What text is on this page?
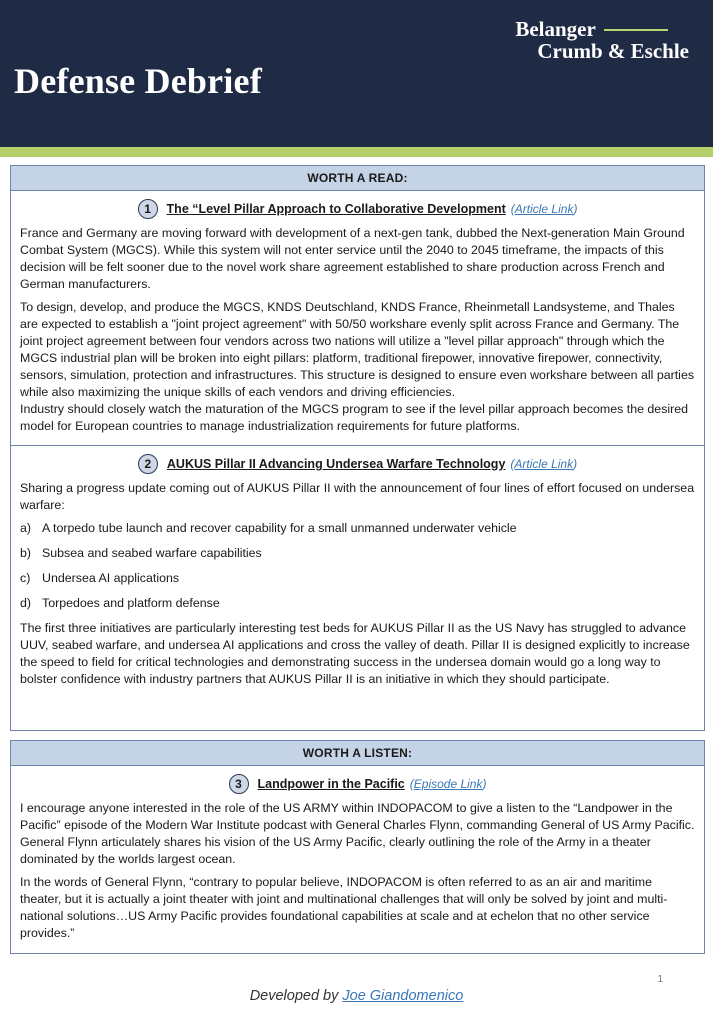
Belanger
Crumb & Eschle
Defense Debrief
WORTH A READ:
1	The “Level Pillar Approach to Collaborative Development (Article Link)

France and Germany are moving forward with development of a next-gen tank, dubbed the Next-generation Main Ground Combat System (MGCS). While this system will not enter service until the 2040 to 2045 timeframe, the impacts of this decision will be felt sooner due to the novel work share agreement established to share production across French and German manufacturers.

To design, develop, and produce the MGCS, KNDS Deutschland, KNDS France, Rheinmetall Landsysteme, and Thales are expected to establish a "joint project agreement" with 50/50 workshare evenly split across France and Germany. The joint project agreement between four vendors across two nations will utilize a "level pillar approach" through which the MGCS industrial plan will be broken into eight pillars: platform, traditional firepower, innovative firepower, connectivity, sensors, simulation, protection and infrastructures. This structure is designed to ensure even workshare between all parties while also maximizing the unique skills of each vendors and driving efficiencies.

Industry should closely watch the maturation of the MGCS program to see if the level pillar approach becomes the desired model for European countries to manage industrialization requirements for future platforms.

2	AUKUS Pillar II Advancing Undersea Warfare Technology (Article Link)

Sharing a progress update coming out of AUKUS Pillar II with the announcement of four lines of effort focused on undersea warfare:

a) A torpedo tube launch and recover capability for a small unmanned underwater vehicle
b) Subsea and seabed warfare capabilities
c) Undersea AI applications
d) Torpedoes and platform defense

The first three initiatives are particularly interesting test beds for AUKUS Pillar II as the US Navy has struggled to advance UUV, seabed warfare, and undersea AI applications and cross the valley of death. Pillar II is designed explicitly to increase the speed to field for critical technologies and demonstrating success in the undersea domain would go a long way to bolster confidence with industry partners that AUKUS Pillar II is an initiative in which they should participate.

WORTH A LISTEN:
3	Landpower in the Pacific (Episode Link)

I encourage anyone interested in the role of the US ARMY within INDOPACOM to give a listen to the “Landpower in the Pacific” episode of the Modern War Institute podcast with General Charles Flynn, commanding General of US Army Pacific. General Flynn articulately shares his vision of the US Army Pacific, clearly outlining the role of the Army in a theater dominated by the worlds largest ocean.

In the words of General Flynn, “contrary to popular believe, INDOPACOM is often referred to as an air and maritime theater, but it is actually a joint theater with joint and multinational challenges that will only be solved by joint and multi-national solutions…US Army Pacific provides foundational capabilities at scale and at echelon that no other service provides.”

1
Developed by Joe Giandomenico
